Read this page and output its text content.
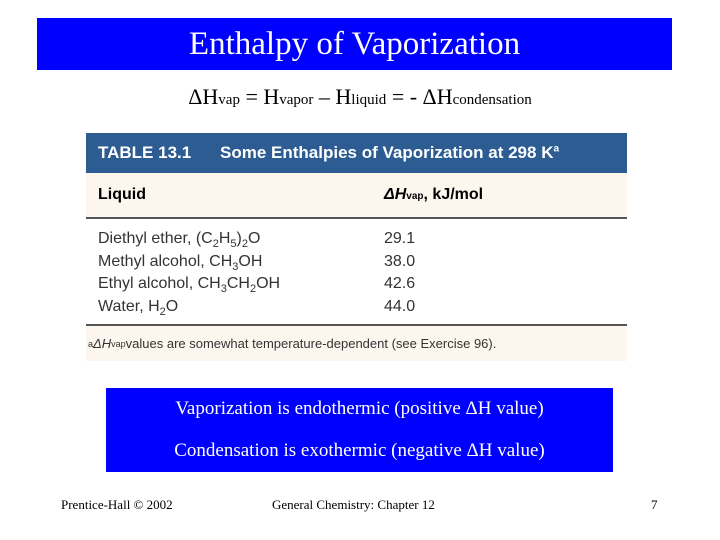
Enthalpy of Vaporization
ΔHvap = Hvapor – Hliquid = - ΔHcondensation
TABLE 13.1	Some Enthalpies of Vaporization at 298 $K^a$
Liquid	ΔHvap, kJ/mol
Diethyl ether, $(C_2H_5)_2O$	29.1
Methyl alcohol, $CH_3OH$	38.0
Ethyl alcohol, $CH_3CH_2OH$	42.6
Water, $H_2O$	44.0
a ΔH vap values are somewhat temperature-dependent (see Exercise 96).
Vaporization is endothermic (positive ΔH value)
Condensation is exothermic (negative ΔH value)
Prentice-Hall © 2002	General Chemistry: Chapter 12	7
